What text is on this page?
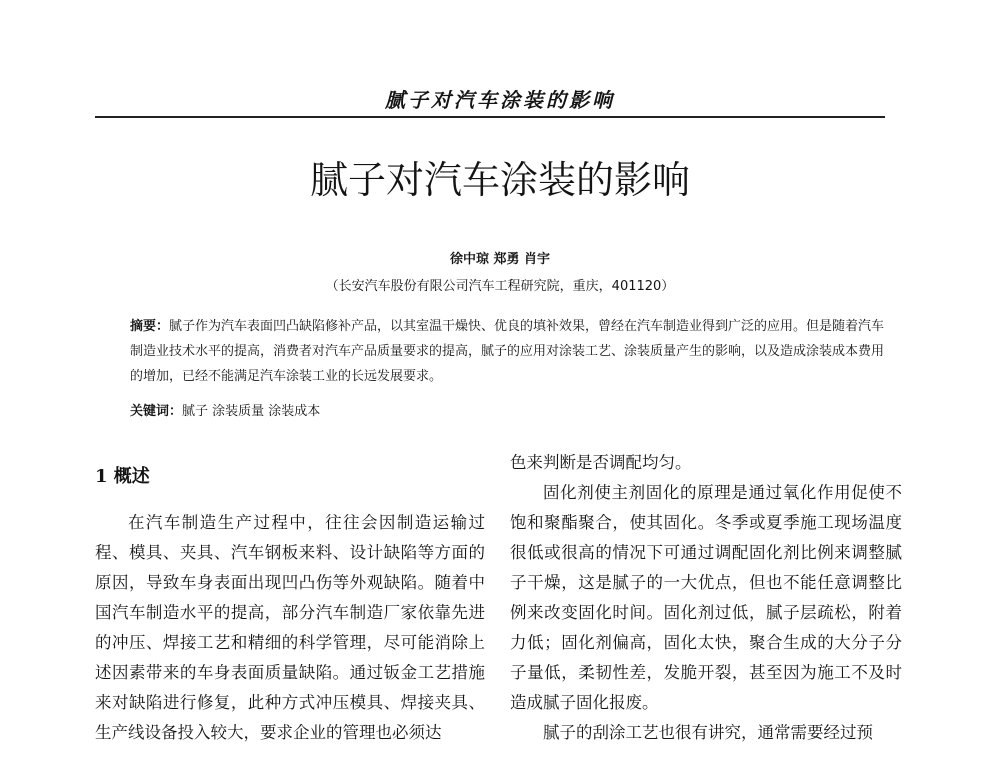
腻子对汽车涂装的影响
腻子对汽车涂装的影响
徐中琼 郑勇 肖宇
（长安汽车股份有限公司汽车工程研究院，重庆，401120）
摘要：腻子作为汽车表面凹凸缺陷修补产品，以其室温干燥快、优良的填补效果，曾经在汽车制造业得到广泛的应用。但是随着汽车制造业技术水平的提高，消费者对汽车产品质量要求的提高，腻子的应用对涂装工艺、涂装质量产生的影响，以及造成涂装成本费用的增加，已经不能满足汽车涂装工业的长远发展要求。
关键词：腻子 涂装质量 涂装成本
1 概述

在汽车制造生产过程中，往往会因制造运输过程、模具、夹具、汽车钢板来料、设计缺陷等方面的原因，导致车身表面出现凹凸伤等外观缺陷。随着中国汽车制造水平的提高，部分汽车制造厂家依靠先进的冲压、焊接工艺和精细的科学管理，尽可能消除上述因素带来的车身表面质量缺陷。通过钣金工艺措施来对缺陷进行修复，此种方式冲压模具、焊接夹具、生产线设备投入较大，要求企业的管理也必须达

色来判断是否调配均匀。

固化剂使主剂固化的原理是通过氧化作用促使不饱和聚酯聚合，使其固化。冬季或夏季施工现场温度很低或很高的情况下可通过调配固化剂比例来调整腻子干燥，这是腻子的一大优点，但也不能任意调整比例来改变固化时间。固化剂过低，腻子层疏松，附着力低；固化剂偏高，固化太快，聚合生成的大分子分子量低，柔韧性差，发脆开裂，甚至因为施工不及时造成腻子固化报废。

腻子的刮涂工艺也很有讲究，通常需要经过预
